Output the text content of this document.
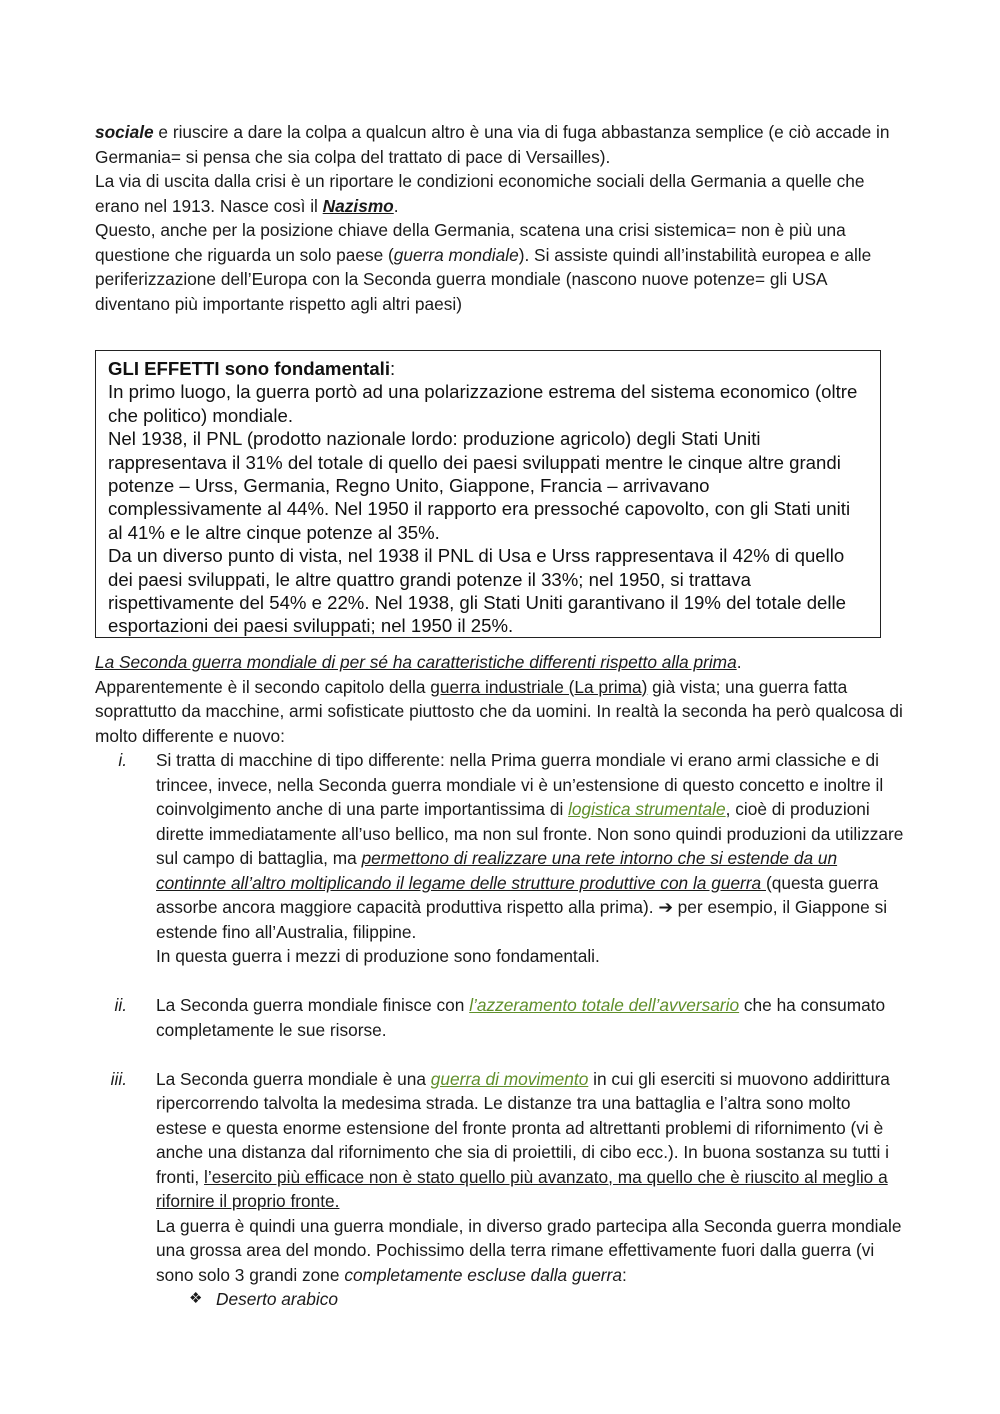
sociale e riuscire a dare la colpa a qualcun altro è una via di fuga abbastanza semplice (e ciò accade in Germania= si pensa che sia colpa del trattato di pace di Versailles).

La via di uscita dalla crisi è un riportare le condizioni economiche sociali della Germania a quelle che erano nel 1913. Nasce così il Nazismo.

Questo, anche per la posizione chiave della Germania, scatena una crisi sistemica= non è più una questione che riguarda un solo paese (guerra mondiale). Si assiste quindi all’instabilità europea e alle periferizzazione dell’Europa con la Seconda guerra mondiale (nascono nuove potenze= gli USA diventano più importante rispetto agli altri paesi)

GLI EFFETTI sono fondamentali:

In primo luogo, la guerra portò ad una polarizzazione estrema del sistema economico (oltre che politico) mondiale.

Nel 1938, il PNL (prodotto nazionale lordo: produzione agricolo) degli Stati Uniti rappresentava il 31% del totale di quello dei paesi sviluppati mentre le cinque altre grandi potenze – Urss, Germania, Regno Unito, Giappone, Francia – arrivavano complessivamente al 44%. Nel 1950 il rapporto era pressoché capovolto, con gli Stati uniti al 41% e le altre cinque potenze al 35%.

Da un diverso punto di vista, nel 1938 il PNL di Usa e Urss rappresentava il 42% di quello dei paesi sviluppati, le altre quattro grandi potenze il 33%; nel 1950, si trattava rispettivamente del 54% e 22%. Nel 1938, gli Stati Uniti garantivano il 19% del totale delle esportazioni dei paesi sviluppati; nel 1950 il 25%.

La Seconda guerra mondiale di per sé ha caratteristiche differenti rispetto alla prima.

Apparentemente è il secondo capitolo della guerra industriale (La prima) già vista; una guerra fatta soprattutto da macchine, armi sofisticate piuttosto che da uomini. In realtà la seconda ha però qualcosa di molto differente e nuovo:

i. Si tratta di macchine di tipo differente: nella Prima guerra mondiale vi erano armi classiche e di trincee, invece, nella Seconda guerra mondiale vi è un’estensione di questo concetto e inoltre il coinvolgimento anche di una parte importantissima di logistica strumentale, cioè di produzioni dirette immediatamente all’uso bellico, ma non sul fronte. Non sono quindi produzioni da utilizzare sul campo di battaglia, ma permettono di realizzare una rete intorno che si estende da un continnte all’altro moltiplicando il legame delle strutture produttive con la guerra (questa guerra assorbe ancora maggiore capacità produttiva rispetto alla prima). ➔ per esempio, il Giappone si estende fino all’Australia, filippine.
In questa guerra i mezzi di produzione sono fondamentali.
ii. La Seconda guerra mondiale finisce con l’azzeramento totale dell’avversario che ha consumato completamente le sue risorse.
iii. La Seconda guerra mondiale è una guerra di movimento in cui gli eserciti si muovono addirittura ripercorrendo talvolta la medesima strada. Le distanze tra una battaglia e l’altra sono molto estese e questa enorme estensione del fronte pronta ad altrettanti problemi di rifornimento (vi è anche una distanza dal rifornimento che sia di proiettili, di cibo ecc.). In buona sostanza su tutti i fronti, l’esercito più efficace non è stato quello più avanzato, ma quello che è riuscito al meglio a rifornire il proprio fronte.
La guerra è quindi una guerra mondiale, in diverso grado partecipa alla Seconda guerra mondiale una grossa area del mondo. Pochissimo della terra rimane effettivamente fuori dalla guerra (vi sono solo 3 grandi zone completamente escluse dalla guerra:
❖ Deserto arabico
